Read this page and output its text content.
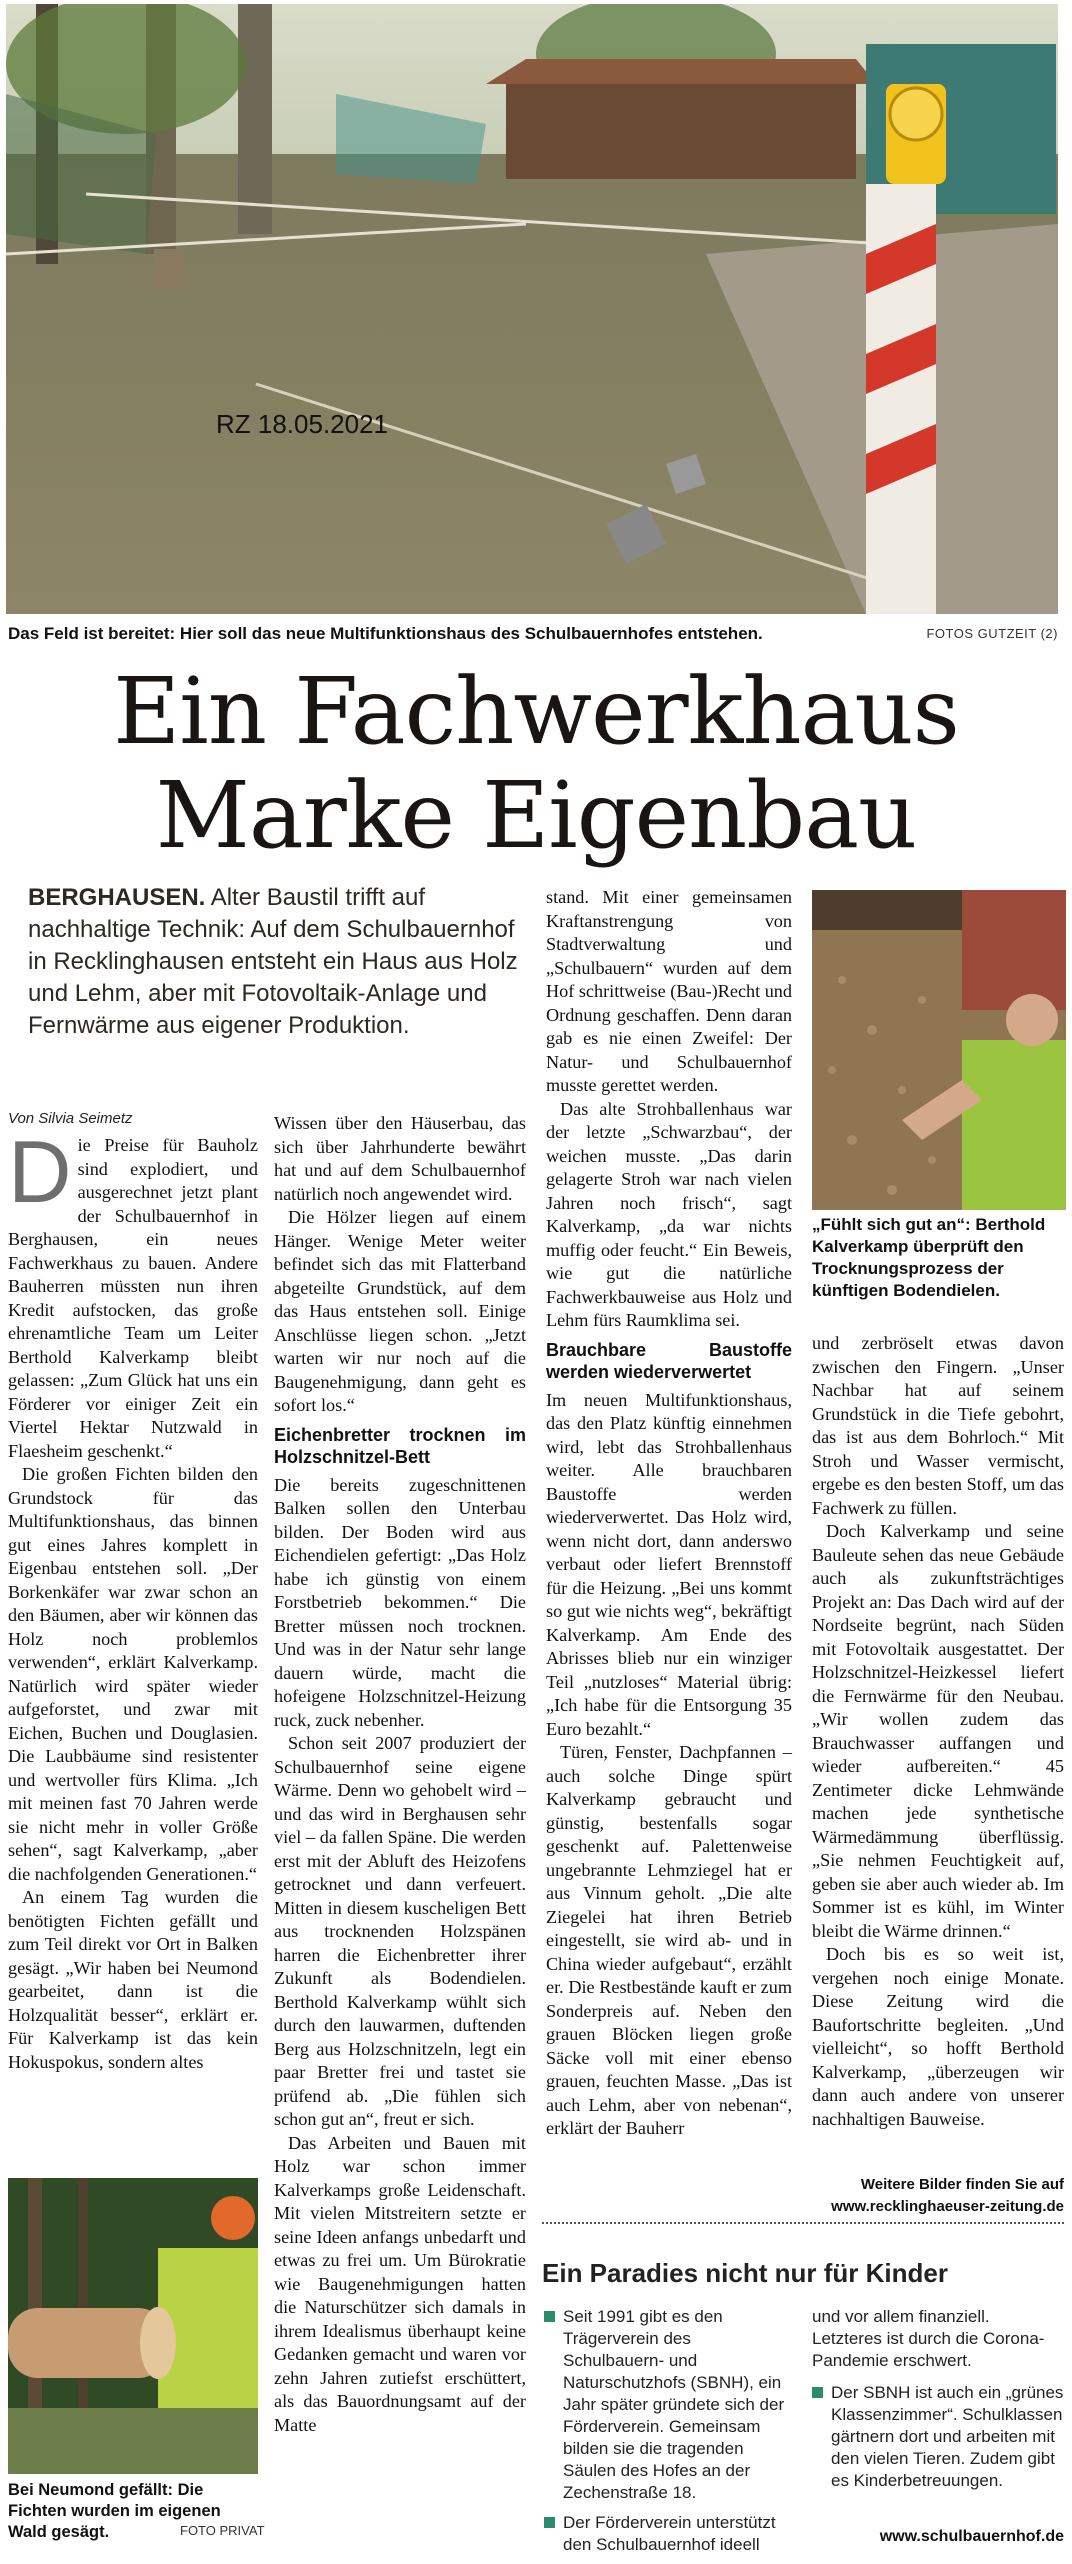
RZ 18.05.2021
Das Feld ist bereitet: Hier soll das neue Multifunktionshaus des Schulbauernhofes entstehen.	FOTOS GUTZEIT (2)
Ein Fachwerkhaus
Marke Eigenbau
BERGHAUSEN. Alter Baustil trifft auf nachhaltige Technik: Auf dem Schulbauernhof in Recklinghausen entsteht ein Haus aus Holz und Lehm, aber mit Fotovoltaik-Anlage und Fernwärme aus eigener Produktion.
Von Silvia Seimetz

Die Preise für Bauholz sind explodiert, und ausgerechnet jetzt plant der Schulbauernhof in Berghausen, ein neues Fachwerkhaus zu bauen. Andere Bauherren müssten nun ihren Kredit aufstocken, das große ehrenamtliche Team um Leiter Berthold Kalverkamp bleibt gelassen: „Zum Glück hat uns ein Förderer vor einiger Zeit ein Viertel Hektar Nutzwald in Flaesheim geschenkt.“

Die großen Fichten bilden den Grundstock für das Multifunktionshaus, das binnen gut eines Jahres komplett in Eigenbau entstehen soll. „Der Borkenkäfer war zwar schon an den Bäumen, aber wir können das Holz noch problemlos verwenden“, erklärt Kalverkamp. Natürlich wird später wieder aufgeforstet, und zwar mit Eichen, Buchen und Douglasien. Die Laubbäume sind resistenter und wertvoller fürs Klima. „Ich mit meinen fast 70 Jahren werde sie nicht mehr in voller Größe sehen“, sagt Kalverkamp, „aber die nachfolgenden Generationen.“

An einem Tag wurden die benötigten Fichten gefällt und zum Teil direkt vor Ort in Balken gesägt. „Wir haben bei Neumond gearbeitet, dann ist die Holzqualität besser“, erklärt er. Für Kalverkamp ist das kein Hokuspokus, sondern altes

Wissen über den Häuserbau, das sich über Jahrhunderte bewährt hat und auf dem Schulbauernhof natürlich noch angewendet wird.

Die Hölzer liegen auf einem Hänger. Wenige Meter weiter befindet sich das mit Flatterband abgeteilte Grundstück, auf dem das Haus entstehen soll. Einige Anschlüsse liegen schon. „Jetzt warten wir nur noch auf die Baugenehmigung, dann geht es sofort los.“

Eichenbretter trocknen im Holzschnitzel-Bett

Die bereits zugeschnittenen Balken sollen den Unterbau bilden. Der Boden wird aus Eichendielen gefertigt: „Das Holz habe ich günstig von einem Forstbetrieb bekommen.“ Die Bretter müssen noch trocknen. Und was in der Natur sehr lange dauern würde, macht die hofeigene Holzschnitzel-Heizung ruck, zuck nebenher.

Schon seit 2007 produziert der Schulbauernhof seine eigene Wärme. Denn wo gehobelt wird – und das wird in Berghausen sehr viel – da fallen Späne. Die werden erst mit der Abluft des Heizofens getrocknet und dann verfeuert. Mitten in diesem kuscheligen Bett aus trocknenden Holzspänen harren die Eichenbretter ihrer Zukunft als Bodendielen. Berthold Kalverkamp wühlt sich durch den lauwarmen, duftenden Berg aus Holzschnitzeln, legt ein paar Bretter frei und tastet sie prüfend ab. „Die fühlen sich schon gut an“, freut er sich.

Das Arbeiten und Bauen mit Holz war schon immer Kalverkamps große Leidenschaft. Mit vielen Mitstreitern setzte er seine Ideen anfangs unbedarft und etwas zu frei um. Um Bürokratie wie Baugenehmigungen hatten die Naturschützer sich damals in ihrem Idealismus überhaupt keine Gedanken gemacht und waren vor zehn Jahren zutiefst erschüttert, als das Bauordnungsamt auf der Matte

stand. Mit einer gemeinsamen Kraftanstrengung von Stadtverwaltung und „Schulbauern“ wurden auf dem Hof schrittweise (Bau-)Recht und Ordnung geschaffen. Denn daran gab es nie einen Zweifel: Der Natur- und Schulbauernhof musste gerettet werden.

Das alte Strohballenhaus war der letzte „Schwarzbau“, der weichen musste. „Das darin gelagerte Stroh war nach vielen Jahren noch frisch“, sagt Kalverkamp, „da war nichts muffig oder feucht.“ Ein Beweis, wie gut die natürliche Fachwerkbauweise aus Holz und Lehm fürs Raumklima sei.

Brauchbare Baustoffe werden wiederverwertet

Im neuen Multifunktionshaus, das den Platz künftig einnehmen wird, lebt das Strohballenhaus weiter. Alle brauchbaren Baustoffe werden wiederverwertet. Das Holz wird, wenn nicht dort, dann anderswo verbaut oder liefert Brennstoff für die Heizung. „Bei uns kommt so gut wie nichts weg“, bekräftigt Kalverkamp. Am Ende des Abrisses blieb nur ein winziger Teil „nutzloses“ Material übrig: „Ich habe für die Entsorgung 35 Euro bezahlt.“

Türen, Fenster, Dachpfannen – auch solche Dinge spürt Kalverkamp gebraucht und günstig, bestenfalls sogar geschenkt auf. Palettenweise ungebrannte Lehmziegel hat er aus Vinnum geholt. „Die alte Ziegelei hat ihren Betrieb eingestellt, sie wird ab- und in China wieder aufgebaut“, erzählt er. Die Restbestände kauft er zum Sonderpreis auf. Neben den grauen Blöcken liegen große Säcke voll mit einer ebenso grauen, feuchten Masse. „Das ist auch Lehm, aber von nebenan“, erklärt der Bauherr

„Fühlt sich gut an“: Berthold Kalverkamp überprüft den Trocknungsprozess der künftigen Bodendielen.

und zerbröselt etwas davon zwischen den Fingern. „Unser Nachbar hat auf seinem Grundstück in die Tiefe gebohrt, das ist aus dem Bohrloch.“ Mit Stroh und Wasser vermischt, ergebe es den besten Stoff, um das Fachwerk zu füllen.

Doch Kalverkamp und seine Bauleute sehen das neue Gebäude auch als zukunftsträchtiges Projekt an: Das Dach wird auf der Nordseite begrünt, nach Süden mit Fotovoltaik ausgestattet. Der Holzschnitzel-Heizkessel liefert die Fernwärme für den Neubau. „Wir wollen zudem das Brauchwasser auffangen und wieder aufbereiten.“ 45 Zentimeter dicke Lehmwände machen jede synthetische Wärmedämmung überflüssig. „Sie nehmen Feuchtigkeit auf, geben sie aber auch wieder ab. Im Sommer ist es kühl, im Winter bleibt die Wärme drinnen.“

Doch bis es so weit ist, vergehen noch einige Monate. Diese Zeitung wird die Baufortschritte begleiten. „Und vielleicht“, so hofft Berthold Kalverkamp, „überzeugen wir dann auch andere von unserer nachhaltigen Bauweise.

Weitere Bilder finden Sie auf
www.recklinghaeuser-zeitung.de
Bei Neumond gefällt: Die Fichten wurden im eigenen Wald gesägt.	FOTO PRIVAT
Ein Paradies nicht nur für Kinder
Seit 1991 gibt es den Trägerverein des Schulbauern- und Naturschutzhofs (SBNH), ein Jahr später gründete sich der Förderverein. Gemeinsam bilden sie die tragenden Säulen des Hofes an der Zechenstraße 18.
Der Förderverein unterstützt den Schulbauernhof ideell
und vor allem finanziell. Letzteres ist durch die Corona-Pandemie erschwert.
Der SBNH ist auch ein „grünes Klassenzimmer“. Schulklassen gärtnern dort und arbeiten mit den vielen Tieren. Zudem gibt es Kinderbetreuungen.
www.schulbauernhof.de
